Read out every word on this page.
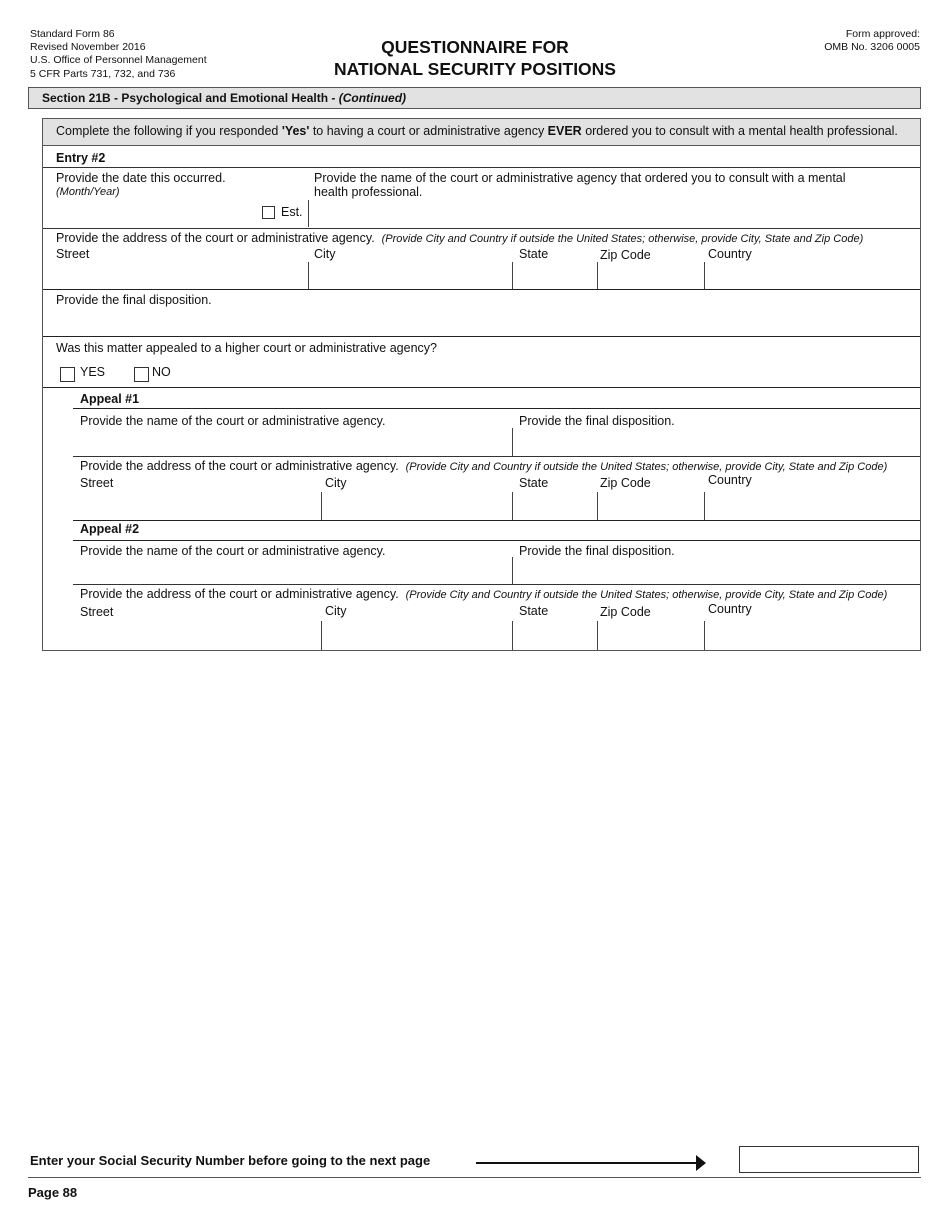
Standard Form 86
Revised November 2016
U.S. Office of Personnel Management
5 CFR Parts 731, 732, and 736
QUESTIONNAIRE FOR
NATIONAL SECURITY POSITIONS
Form approved:
OMB No. 3206 0005
Section 21B - Psychological and Emotional Health - (Continued)
Complete the following if you responded 'Yes' to having a court or administrative agency EVER ordered you to consult with a mental health professional.
Entry #2
Provide the date this occurred.
(Month/Year)
Est.
Provide the name of the court or administrative agency that ordered you to consult with a mental
health professional.
Provide the address of the court or administrative agency. (Provide City and Country if outside the United States; otherwise, provide City, State and Zip Code)
Street	City	State	Zip Code	Country
Provide the final disposition.
Was this matter appealed to a higher court or administrative agency?
YES	NO
Appeal #1
Provide the name of the court or administrative agency.	Provide the final disposition.
Provide the address of the court or administrative agency. (Provide City and Country if outside the United States; otherwise, provide City, State and Zip Code)
Street	City	State	Zip Code	Country
Appeal #2
Provide the name of the court or administrative agency.	Provide the final disposition.
Provide the address of the court or administrative agency. (Provide City and Country if outside the United States; otherwise, provide City, State and Zip Code)
Street	City	State	Zip Code	Country
Enter your Social Security Number before going to the next page
Page 88
